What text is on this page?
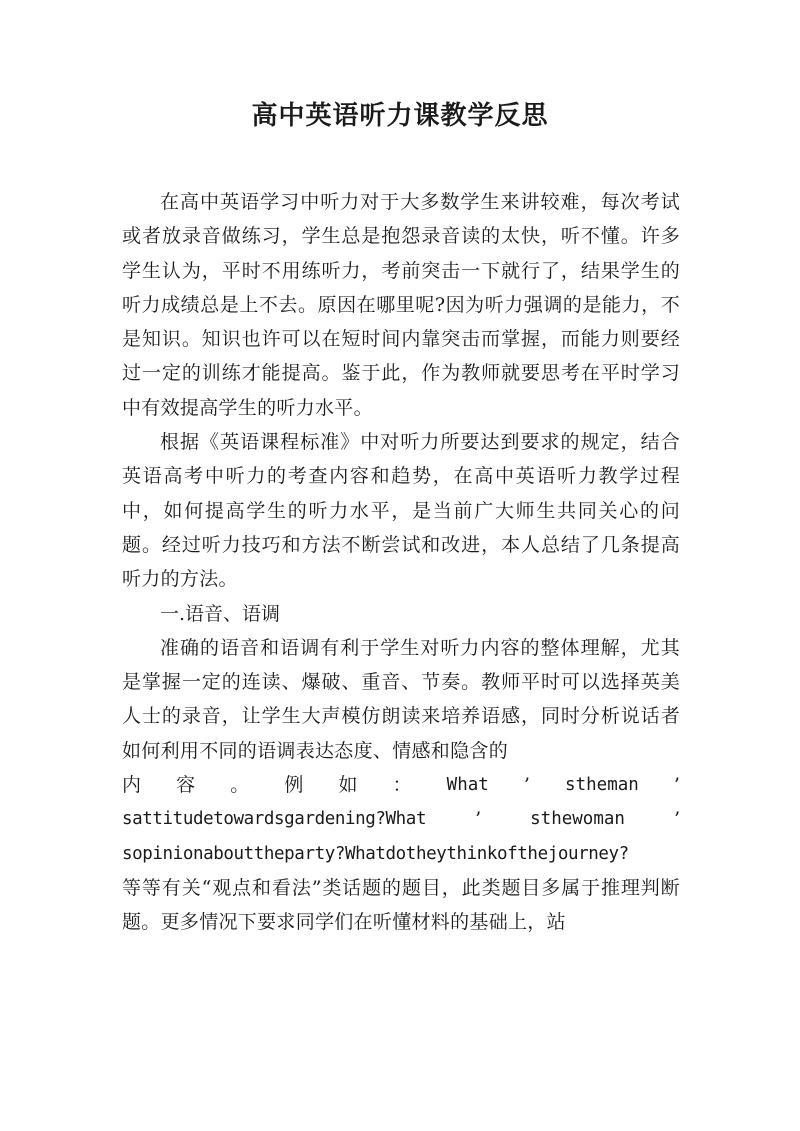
高中英语听力课教学反思

在高中英语学习中听力对于大多数学生来讲较难，每次考试或者放录音做练习，学生总是抱怨录音读的太快，听不懂。许多学生认为，平时不用练听力，考前突击一下就行了，结果学生的听力成绩总是上不去。原因在哪里呢?因为听力强调的是能力，不是知识。知识也许可以在短时间内靠突击而掌握，而能力则要经过一定的训练才能提高。鉴于此，作为教师就要思考在平时学习中有效提高学生的听力水平。

根据《英语课程标准》中对听力所要达到要求的规定，结合英语高考中听力的考查内容和趋势，在高中英语听力教学过程中，如何提高学生的听力水平，是当前广大师生共同关心的问题。经过听力技巧和方法不断尝试和改进，本人总结了几条提高听力的方法。

一.语音、语调

准确的语音和语调有利于学生对听力内容的整体理解，尤其是掌握一定的连读、爆破、重音、节奏。教师平时可以选择英美人士的录音，让学生大声模仿朗读来培养语感，同时分析说话者如何利用不同的语调表达态度、情感和隐含的

内 容 。 例 如 ： What ’ stheman ’

sattitudetowardsgardening?What	’	sthewoman	’

sopinionabouttheparty?Whatdotheythinkofthejourney?

等等有关“观点和看法”类话题的题目，此类题目多属于推理判断题。更多情况下要求同学们在听懂材料的基础上，站
